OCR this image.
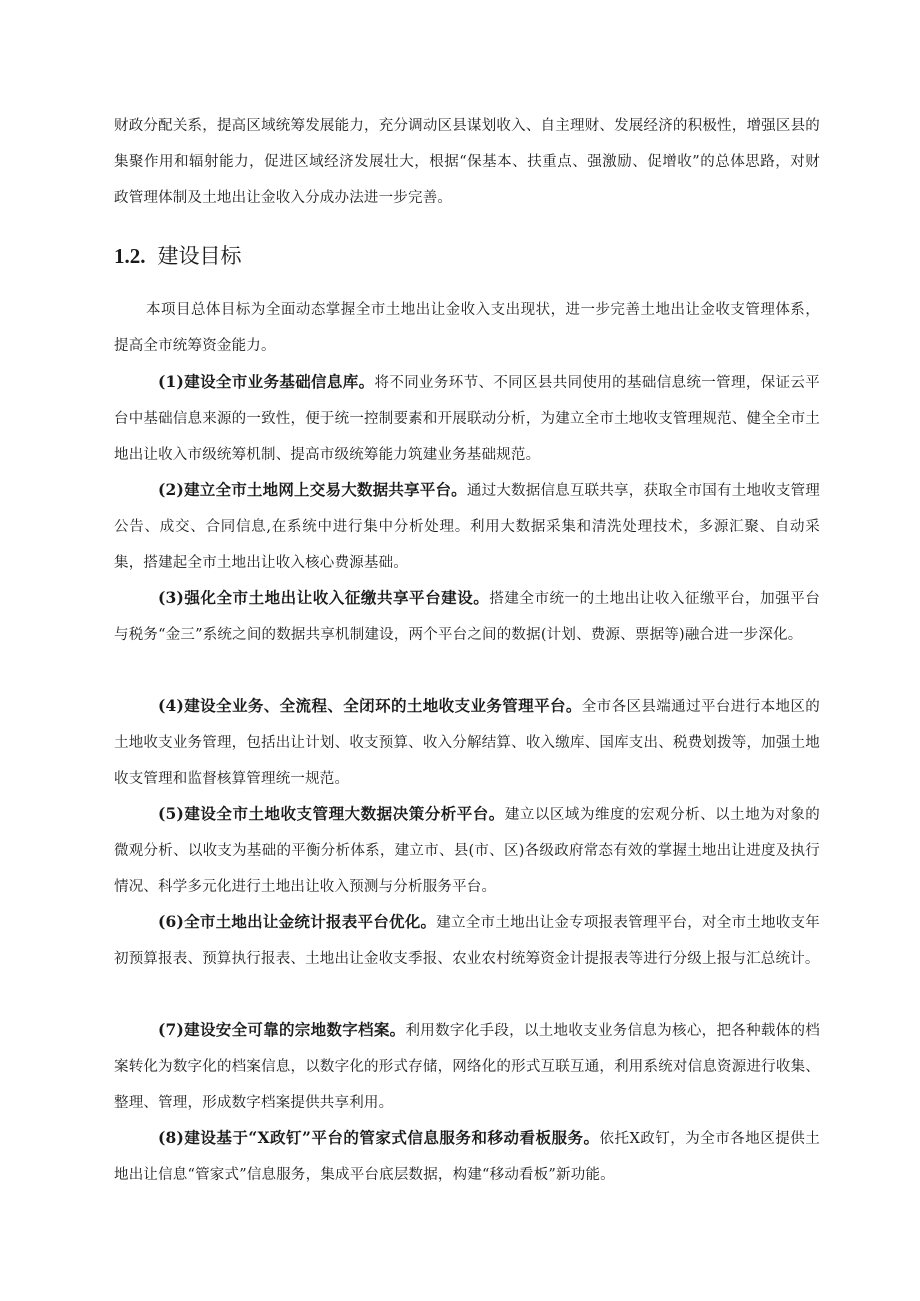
财政分配关系，提高区域统筹发展能力，充分调动区县谋划收入、自主理财、发展经济的积极性，增强区县的集聚作用和辐射能力，促进区域经济发展壮大，根据“保基本、扶重点、强激励、促增收”的总体思路，对财政管理体制及土地出让金收入分成办法进一步完善。

1.2. 建设目标

本项目总体目标为全面动态掌握全市土地出让金收入支出现状，进一步完善土地出让金收支管理体系，提高全市统筹资金能力。

(1)建设全市业务基础信息库。将不同业务环节、不同区县共同使用的基础信息统一管理，保证云平台中基础信息来源的一致性，便于统一控制要素和开展联动分析，为建立全市土地收支管理规范、健全全市土地出让收入市级统筹机制、提高市级统筹能力筑建业务基础规范。

(2)建立全市土地网上交易大数据共享平台。通过大数据信息互联共享，获取全市国有土地收支管理公告、成交、合同信息,在系统中进行集中分析处理。利用大数据采集和清洗处理技术，多源汇聚、自动采集，搭建起全市土地出让收入核心费源基础。

(3)强化全市土地出让收入征缴共享平台建设。搭建全市统一的土地出让收入征缴平台，加强平台与税务“金三”系统之间的数据共享机制建设，两个平台之间的数据(计划、费源、票据等)融合进一步深化。

(4)建设全业务、全流程、全闭环的土地收支业务管理平台。全市各区县端通过平台进行本地区的土地收支业务管理，包括出让计划、收支预算、收入分解结算、收入缴库、国库支出、税费划拨等，加强土地收支管理和监督核算管理统一规范。

(5)建设全市土地收支管理大数据决策分析平台。建立以区域为维度的宏观分析、以土地为对象的微观分析、以收支为基础的平衡分析体系，建立市、县(市、区)各级政府常态有效的掌握土地出让进度及执行情况、科学多元化进行土地出让收入预测与分析服务平台。

(6)全市土地出让金统计报表平台优化。建立全市土地出让金专项报表管理平台，对全市土地收支年初预算报表、预算执行报表、土地出让金收支季报、农业农村统筹资金计提报表等进行分级上报与汇总统计。

(7)建设安全可靠的宗地数字档案。利用数字化手段，以土地收支业务信息为核心，把各种载体的档案转化为数字化的档案信息，以数字化的形式存储，网络化的形式互联互通，利用系统对信息资源进行收集、整理、管理，形成数字档案提供共享利用。

(8)建设基于“X政钉”平台的管家式信息服务和移动看板服务。依托X政钉，为全市各地区提供土地出让信息“管家式”信息服务，集成平台底层数据，构建“移动看板”新功能。
